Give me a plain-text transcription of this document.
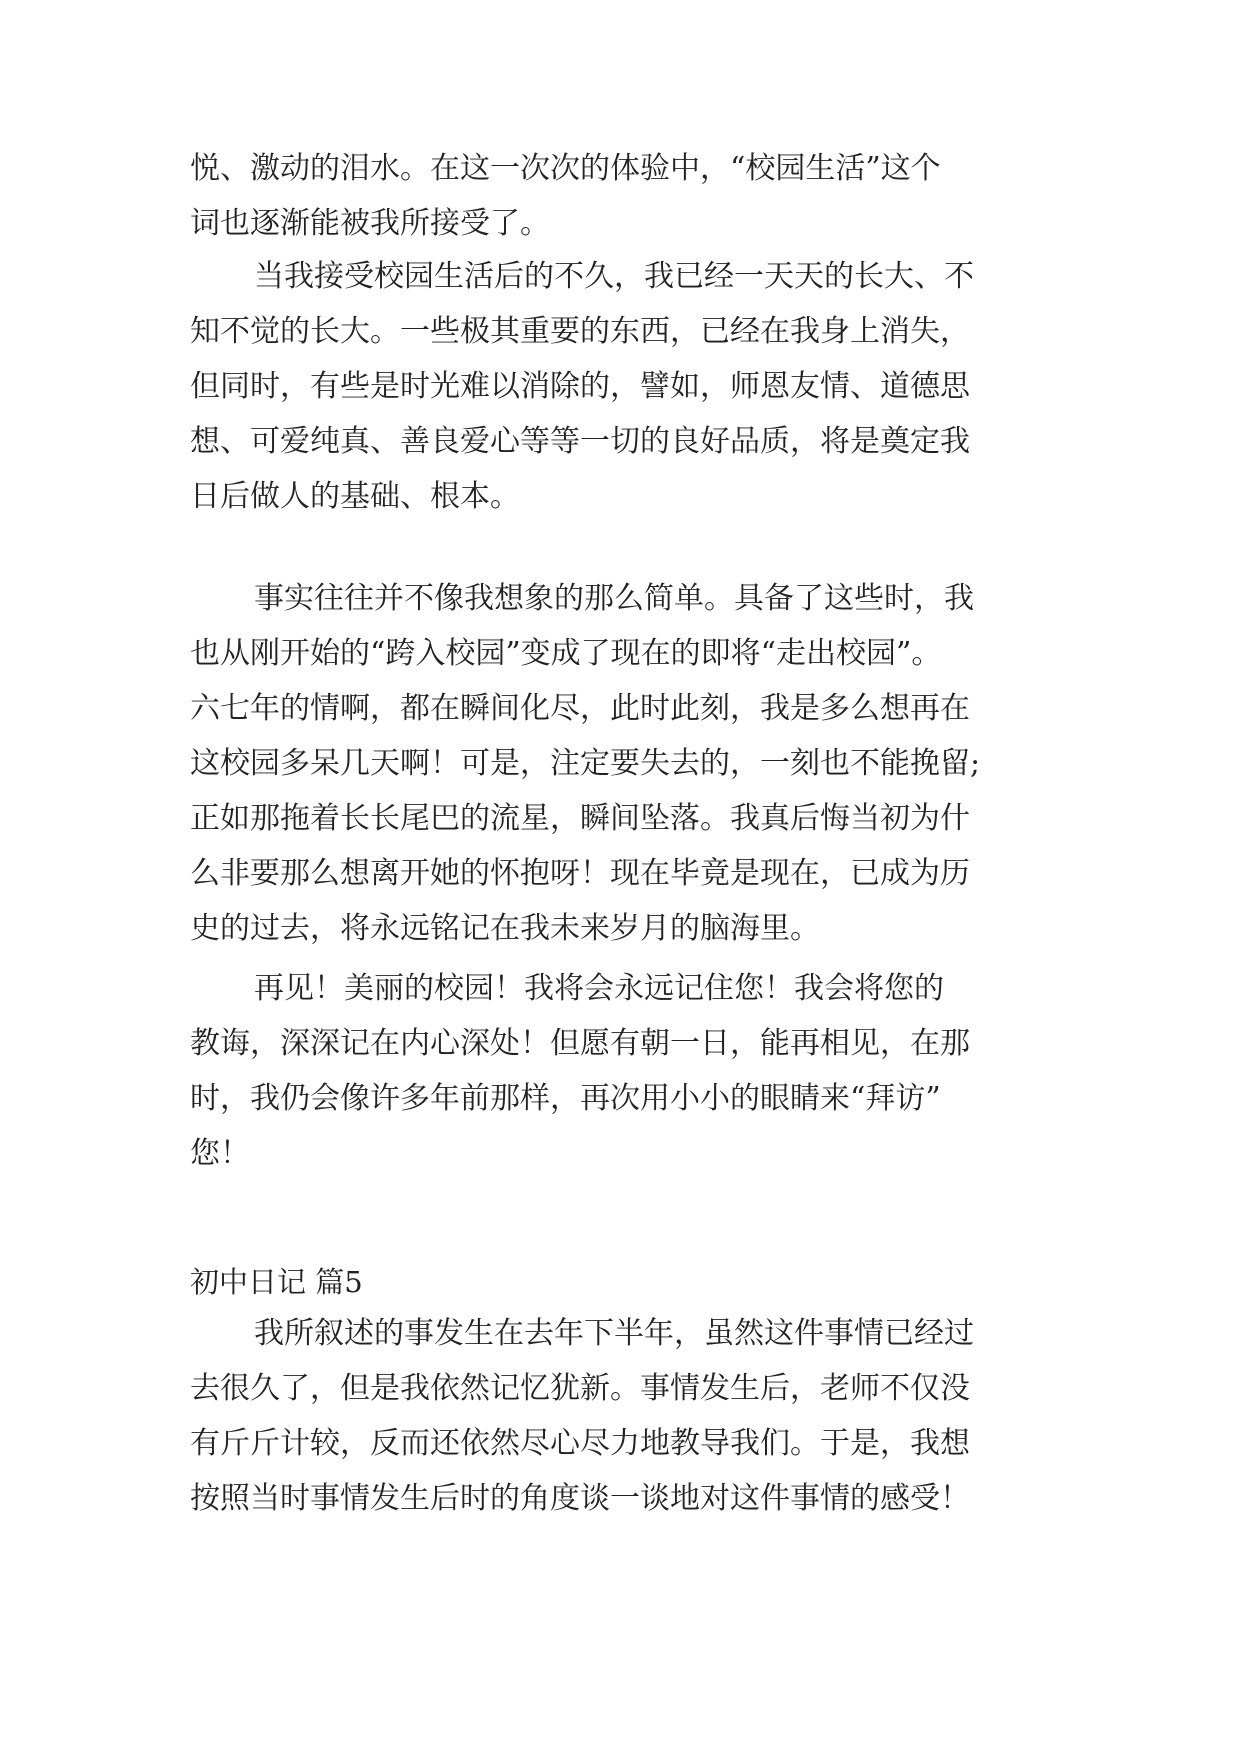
悦、激动的泪水。在这一次次的体验中，“校园生活”这个
词也逐渐能被我所接受了。
当我接受校园生活后的不久，我已经一天天的长大、不
知不觉的长大。一些极其重要的东西，已经在我身上消失，
但同时，有些是时光难以消除的，譬如，师恩友情、道德思
想、可爱纯真、善良爱心等等一切的良好品质，将是奠定我
日后做人的基础、根本。
事实往往并不像我想象的那么简单。具备了这些时，我
也从刚开始的“跨入校园”变成了现在的即将“走出校园”。
六七年的情啊，都在瞬间化尽，此时此刻，我是多么想再在
这校园多呆几天啊！可是，注定要失去的，一刻也不能挽留;
正如那拖着长长尾巴的流星，瞬间坠落。我真后悔当初为什
么非要那么想离开她的怀抱呀！现在毕竟是现在，已成为历
史的过去，将永远铭记在我未来岁月的脑海里。
再见！美丽的校园！我将会永远记住您！我会将您的
教诲，深深记在内心深处！但愿有朝一日，能再相见，在那
时，我仍会像许多年前那样，再次用小小的眼睛来“拜访”
您！
初中日记 篇5
我所叙述的事发生在去年下半年，虽然这件事情已经过
去很久了，但是我依然记忆犹新。事情发生后，老师不仅没
有斤斤计较，反而还依然尽心尽力地教导我们。于是，我想
按照当时事情发生后时的角度谈一谈地对这件事情的感受！
